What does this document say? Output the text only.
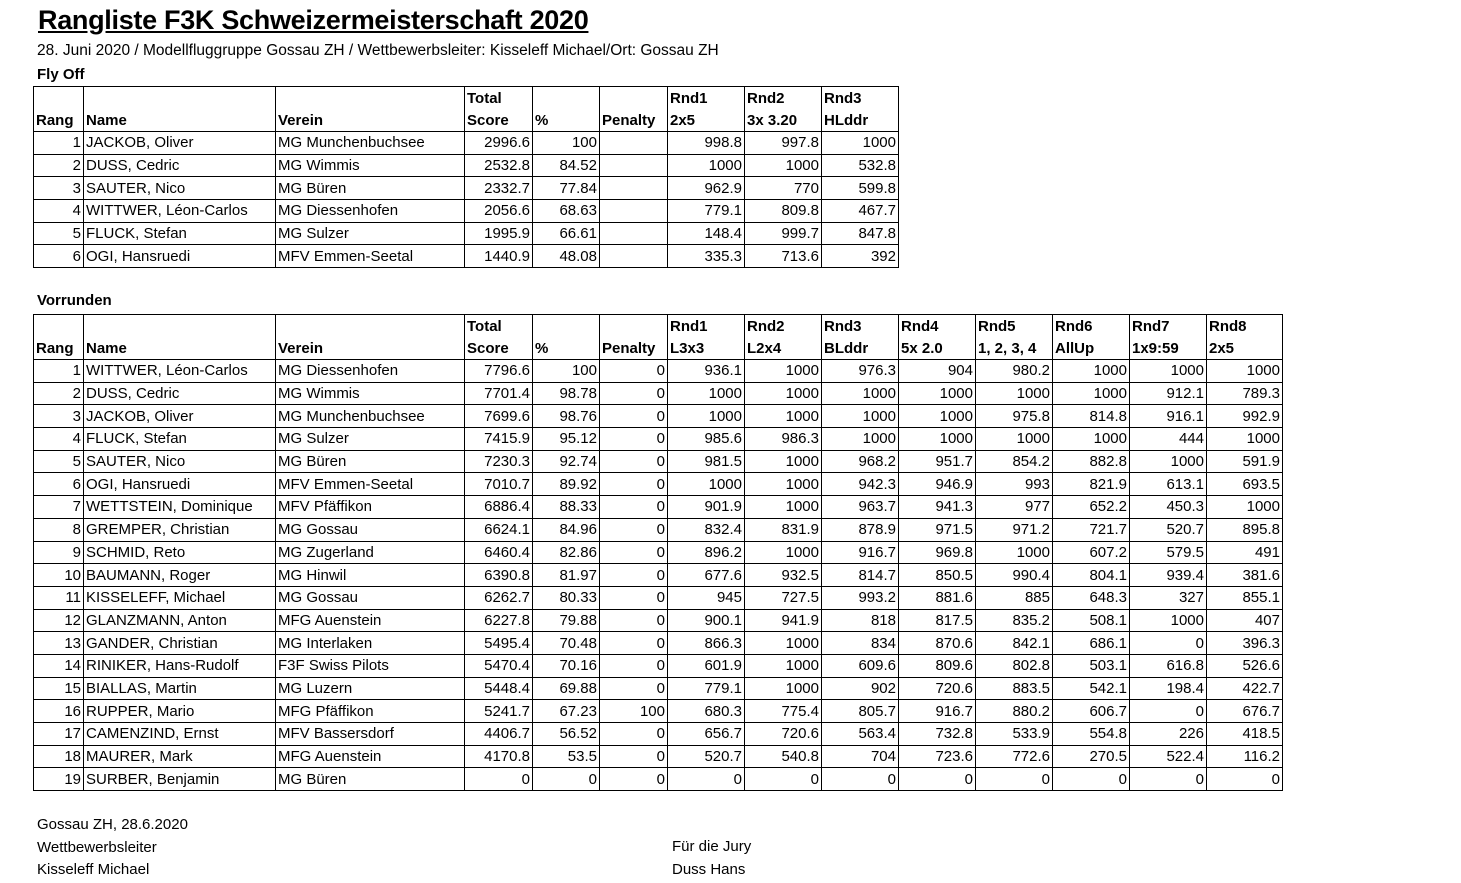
Rangliste F3K Schweizermeisterschaft 2020
28. Juni 2020 / Modellfluggruppe Gossau ZH / Wettbewerbsleiter: Kisseleff Michael/Ort: Gossau ZH
Fly Off
			Total			Rnd1	Rnd2	Rnd3
Rang	Name	Verein	Score	%	Penalty	2x5	3x 3.20	HLddr
1	JACKOB, Oliver	MG Munchenbuchsee	2996.6	100		998.8	997.8	1000
2	DUSS, Cedric	MG Wimmis	2532.8	84.52		1000	1000	532.8
3	SAUTER, Nico	MG Büren	2332.7	77.84		962.9	770	599.8
4	WITTWER, Léon-Carlos	MG Diessenhofen	2056.6	68.63		779.1	809.8	467.7
5	FLUCK, Stefan	MG Sulzer	1995.9	66.61		148.4	999.7	847.8
6	OGI, Hansruedi	MFV Emmen-Seetal	1440.9	48.08		335.3	713.6	392
Vorrunden
			Total			Rnd1	Rnd2	Rnd3	Rnd4	Rnd5	Rnd6	Rnd7	Rnd8
Rang	Name	Verein	Score	%	Penalty	L3x3	L2x4	BLddr	5x 2.0	1, 2, 3, 4	AllUp	1x9:59	2x5
1	WITTWER, Léon-Carlos	MG Diessenhofen	7796.6	100	0	936.1	1000	976.3	904	980.2	1000	1000	1000
2	DUSS, Cedric	MG Wimmis	7701.4	98.78	0	1000	1000	1000	1000	1000	1000	912.1	789.3
3	JACKOB, Oliver	MG Munchenbuchsee	7699.6	98.76	0	1000	1000	1000	1000	975.8	814.8	916.1	992.9
4	FLUCK, Stefan	MG Sulzer	7415.9	95.12	0	985.6	986.3	1000	1000	1000	1000	444	1000
5	SAUTER, Nico	MG Büren	7230.3	92.74	0	981.5	1000	968.2	951.7	854.2	882.8	1000	591.9
6	OGI, Hansruedi	MFV Emmen-Seetal	7010.7	89.92	0	1000	1000	942.3	946.9	993	821.9	613.1	693.5
7	WETTSTEIN, Dominique	MFV Pfäffikon	6886.4	88.33	0	901.9	1000	963.7	941.3	977	652.2	450.3	1000
8	GREMPER, Christian	MG Gossau	6624.1	84.96	0	832.4	831.9	878.9	971.5	971.2	721.7	520.7	895.8
9	SCHMID, Reto	MG Zugerland	6460.4	82.86	0	896.2	1000	916.7	969.8	1000	607.2	579.5	491
10	BAUMANN, Roger	MG Hinwil	6390.8	81.97	0	677.6	932.5	814.7	850.5	990.4	804.1	939.4	381.6
11	KISSELEFF, Michael	MG Gossau	6262.7	80.33	0	945	727.5	993.2	881.6	885	648.3	327	855.1
12	GLANZMANN, Anton	MFG Auenstein	6227.8	79.88	0	900.1	941.9	818	817.5	835.2	508.1	1000	407
13	GANDER, Christian	MG Interlaken	5495.4	70.48	0	866.3	1000	834	870.6	842.1	686.1	0	396.3
14	RINIKER, Hans-Rudolf	F3F Swiss Pilots	5470.4	70.16	0	601.9	1000	609.6	809.6	802.8	503.1	616.8	526.6
15	BIALLAS, Martin	MG Luzern	5448.4	69.88	0	779.1	1000	902	720.6	883.5	542.1	198.4	422.7
16	RUPPER, Mario	MFG Pfäffikon	5241.7	67.23	100	680.3	775.4	805.7	916.7	880.2	606.7	0	676.7
17	CAMENZIND, Ernst	MFV Bassersdorf	4406.7	56.52	0	656.7	720.6	563.4	732.8	533.9	554.8	226	418.5
18	MAURER, Mark	MFG Auenstein	4170.8	53.5	0	520.7	540.8	704	723.6	772.6	270.5	522.4	116.2
19	SURBER, Benjamin	MG Büren	0	0	0	0	0	0	0	0	0	0	0
Gossau ZH, 28.6.2020
Wettbewerbsleiter
Kisseleff Michael
Für die Jury
Duss Hans
